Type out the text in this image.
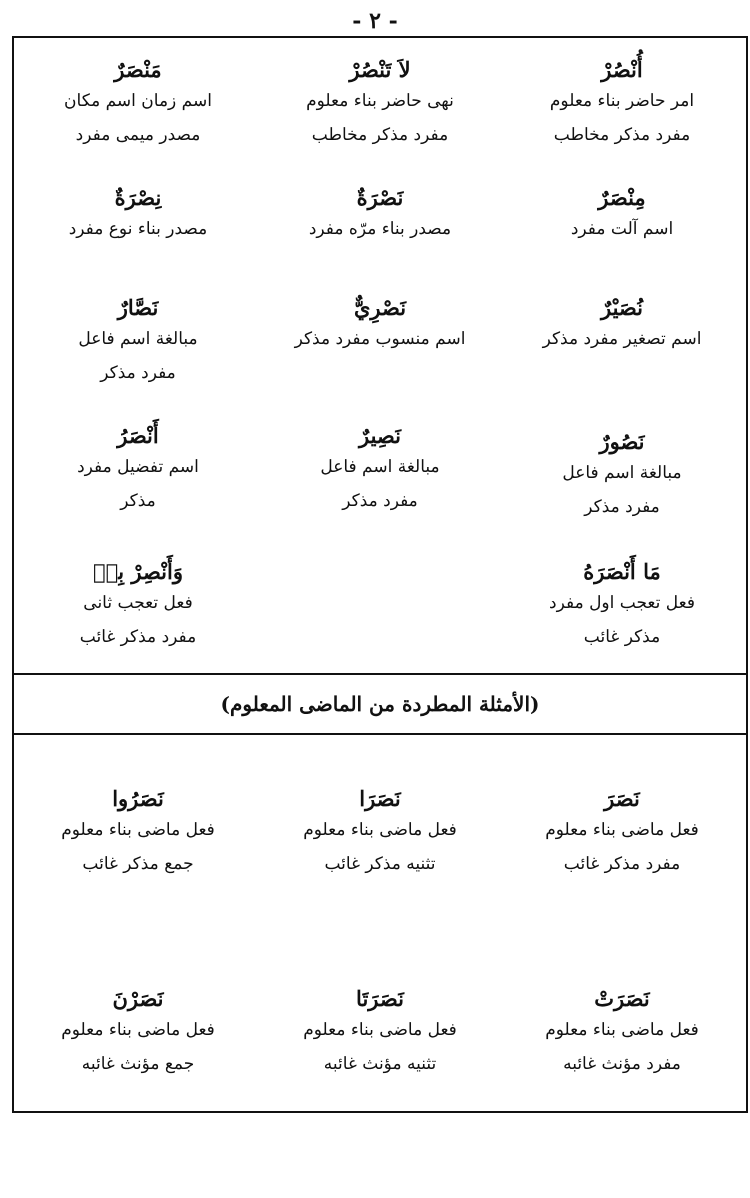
- ٢ -
أُنْصُرْ
امر حاضر بناء معلوم
مفرد مذكر مخاطب
لاَ تَنْصُرْ
نهى حاضر بناء معلوم
مفرد مذكر مخاطب
مَنْصَرٌ
اسم زمان اسم مكان
مصدر ميمى مفرد
مِنْصَرٌ
اسم آلت مفرد
نَصْرَةٌ
مصدر بناء مرّه مفرد
نِصْرَةٌ
مصدر بناء نوع مفرد
نُصَيْرٌ
اسم تصغير مفرد مذكر
نَصْرِيٌّ
اسم منسوب مفرد مذكر
نَصَّارٌ
مبالغة اسم فاعل
مفرد مذكر
نَصُورٌ
مبالغة اسم فاعل
مفرد مذكر
نَصِيرٌ
مبالغة اسم فاعل
مفرد مذكر
أَنْصَرُ
اسم تفضيل مفرد
مذكر
مَا أَنْصَرَهُ
فعل تعجب اول مفرد
مذكر غائب
وَأَنْصِرْ بِهٖ
فعل تعجب ثانى
مفرد مذكر غائب
(الأمثلة المطردة من الماضى المعلوم)
نَصَرَ
فعل ماضى بناء معلوم
مفرد مذكر غائب
نَصَرَا
فعل ماضى بناء معلوم
تثنيه مذكر غائب
نَصَرُوا
فعل ماضى بناء معلوم
جمع مذكر غائب
نَصَرَتْ
فعل ماضى بناء معلوم
مفرد مؤنث غائبه
نَصَرَتَا
فعل ماضى بناء معلوم
تثنيه مؤنث غائبه
نَصَرْنَ
فعل ماضى بناء معلوم
جمع مؤنث غائبه
